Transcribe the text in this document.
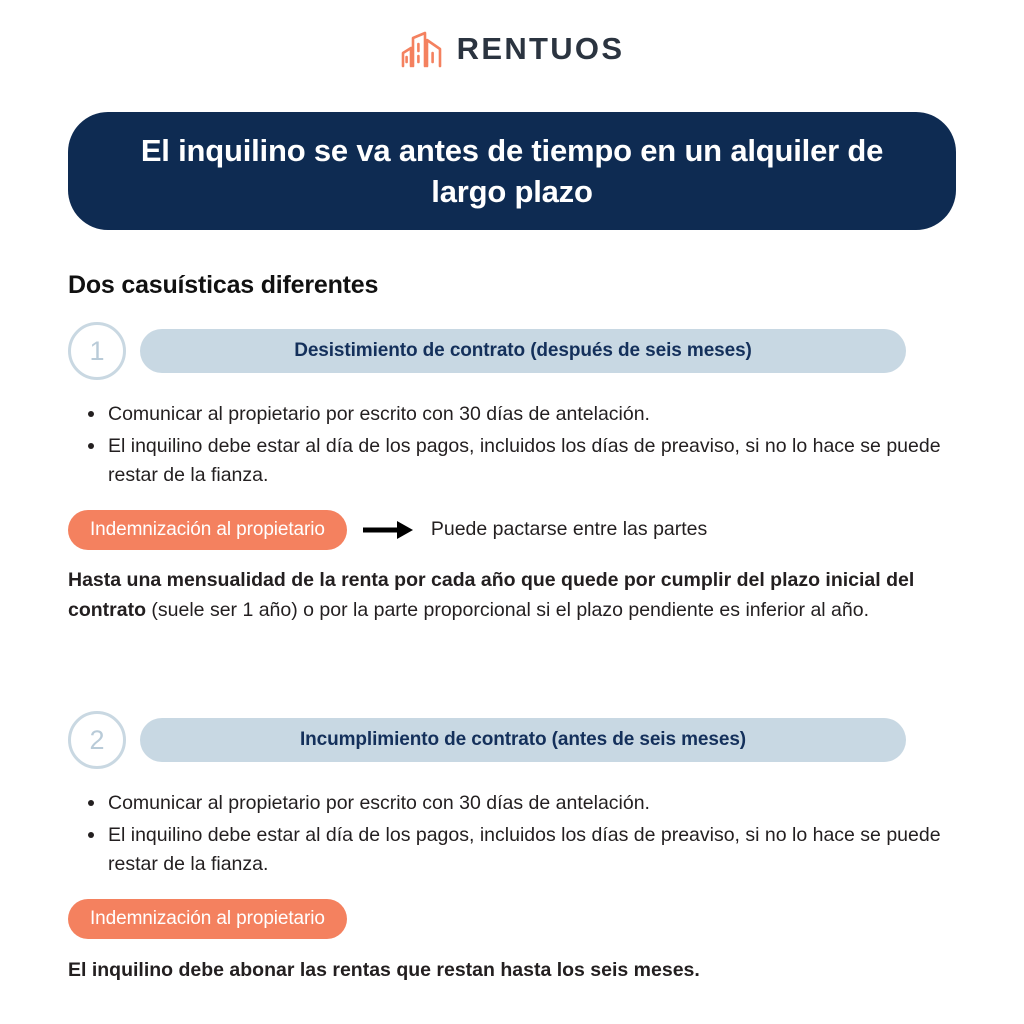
RENTUOS
El inquilino se va antes de tiempo en un alquiler de largo plazo
Dos casuísticas diferentes
1	Desistimiento de contrato (después de seis meses)
Comunicar al propietario por escrito con 30 días de antelación.
El inquilino debe estar al día de los pagos, incluidos los días de preaviso, si no lo hace se puede restar de la fianza.
Indemnización al propietario	Puede pactarse entre las partes

Hasta una mensualidad de la renta por cada año que quede por cumplir del plazo inicial del contrato (suele ser 1 año) o por la parte proporcional si el plazo pendiente es inferior al año.

2	Incumplimiento de contrato (antes de seis meses)
Comunicar al propietario por escrito con 30 días de antelación.
El inquilino debe estar al día de los pagos, incluidos los días de preaviso, si no lo hace se puede restar de la fianza.
Indemnización al propietario

El inquilino debe abonar las rentas que restan hasta los seis meses.
